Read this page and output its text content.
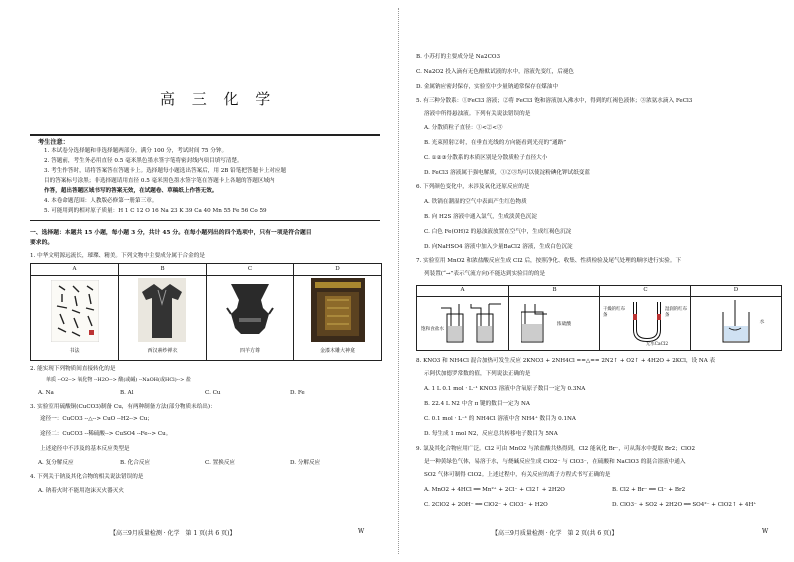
高 三 化 学
考生注意：
1. 本试卷分选择题和非选择题两部分。满分 100 分，考试时间 75 分钟。
2. 答题前，考生务必用直径 0.5 毫米黑色墨水签字笔将密封线内项目填写清楚。
3. 考生作答时，请将答案答在答题卡上。选择题每小题选出答案后，用 2B 铅笔把答题卡上对应题
目的答案标号涂黑；非选择题请用直径 0.5 毫米黑色墨水签字笔在答题卡上各题的答题区域内
作答，超出答题区域书写的答案无效，在试题卷、草稿纸上作答无效。
4. 本卷命题范围：人教版必修第一册第三章。
5. 可能用到的相对原子质量：H 1 C 12 O 16 Na 23 K 39 Ca 40 Mn 55 Fe 56 Co 59
一、选择题：本题共 15 小题，每小题 3 分，共计 45 分。在每小题列出的四个选项中，只有一项是符合题目
要求的。
1. 中华文明源远流长，璀璨、精美。下列文物中主要成分属于合金的是
A	B	C	D
书法	西汉素纱禅衣	四羊方尊	金漆木雕大神龛
2. 能实现下列物质间直接转化的是
单质 --O2--> 氧化物 --H2O--> 酸(或碱) --NaOH(或HCl)--> 盐
A. Na	B. Al	C. Cu	D. Fe
3. 实验室用硫酸铜(CuCO3)制备 Cu，有两种制备方法(部分物质未给出)：
途径一：CuCO3 --△--> CuO --H2--> Cu；
途径二：CuCO3 --稀硫酸--> CuSO4 --Fe--> Cu。
上述途径中不涉及的基本反应类型是
A. 复分解反应	B. 化合反应	C. 置换反应	D. 分解反应
4. 下列关于钠及其化合物的相关说法错误的是
A. 钠着火时不能用泡沫灭火器灭火
【高三9月质量检测 · 化学　第 1 页(共 6 页)】	W
B. 小苏打的主要成分是 Na2CO3
C. Na2O2 投入滴有无色酚酞试液的水中，溶液先变红，后褪色
D. 金属钠应密封保存，实验室中少量钠通常保存在煤油中
5. 有三种分散系：①FeCl3 溶液；②将 FeCl3 饱和溶液加入沸水中，得到的红褐色液体；③浓氨水滴入 FeCl3
溶液中所得悬浊液。下列有关说法错误的是
A. 分散质粒子直径：①<②<③
B. 光束照射②时，在垂直光线的方向能看到光亮的“通路”
C. ①②③分散系的本质区别是分散质粒子直径大小
D. FeCl3 溶液属于强电解质，①②③均可以使淀粉碘化钾试纸变蓝
6. 下列颜色变化中，未涉及氧化还原反应的是
A. 铁锅在潮湿的空气中表面产生红色物质
B. 向 H2S 溶液中通入氯气，生成淡黄色沉淀
C. 白色 Fe(OH)2 的悬浊液放置在空气中，生成红褐色沉淀
D. 向NaHSO4 溶液中加入少量BaCl2 溶液，生成白色沉淀
7. 实验室用 MnO2 和浓盐酸反应生成 Cl2 后，按照净化、收集、性质检验及尾气处理的顺序进行实验。下
列装置(“→”表示气流方向)不能达到实验目的的是
A	B	C	D
饱和食盐水
浓硫酸
干燥的红布条
湿润的红布条
无水CaCl2
水
8. KNO3 和 NH4Cl 混合加热可发生反应 2KNO3 + 2NH4Cl ==△== 2N2↑ + O2↑ + 4H2O + 2KCl，设 NA 表
示阿伏加德罗常数的值，下列说法正确的是
A. 1 L 0.1 mol · L⁻¹ KNO3 溶液中含氧原子数目一定为 0.3NA
B. 22.4 L N2 中含 π 键的数目一定为 NA
C. 0.1 mol · L⁻¹ 的 NH4Cl 溶液中含 NH4⁺ 数目为 0.1NA
D. 每生成 1 mol N2，反应总共转移电子数目为 5NA
9. 氯及其化合物应用广泛。Cl2 可由 MnO2 与浓盐酸共热得到，Cl2 能氧化 Br⁻，可从海水中提取 Br2；ClO2
是一种黄绿色气体，易溶于水，与烧碱反应生成 ClO2⁻ 与 ClO3⁻，在硫酸和 NaClO3 的混合溶液中通入
SO2 气体可制得 ClO2。上述过程中，有关反应的离子方程式书写正确的是
A. MnO2 + 4HCl ══ Mn²⁺ + 2Cl⁻ + Cl2↑ + 2H2O	B. Cl2 + Br⁻ ══ Cl⁻ + Br2
C. 2ClO2 + 2OH⁻ ══ ClO2⁻ + ClO3⁻ + H2O	D. ClO3⁻ + SO2 + 2H2O ══ SO4²⁻ + ClO2↑ + 4H⁺
【高三9月质量检测 · 化学　第 2 页(共 6 页)】	W
